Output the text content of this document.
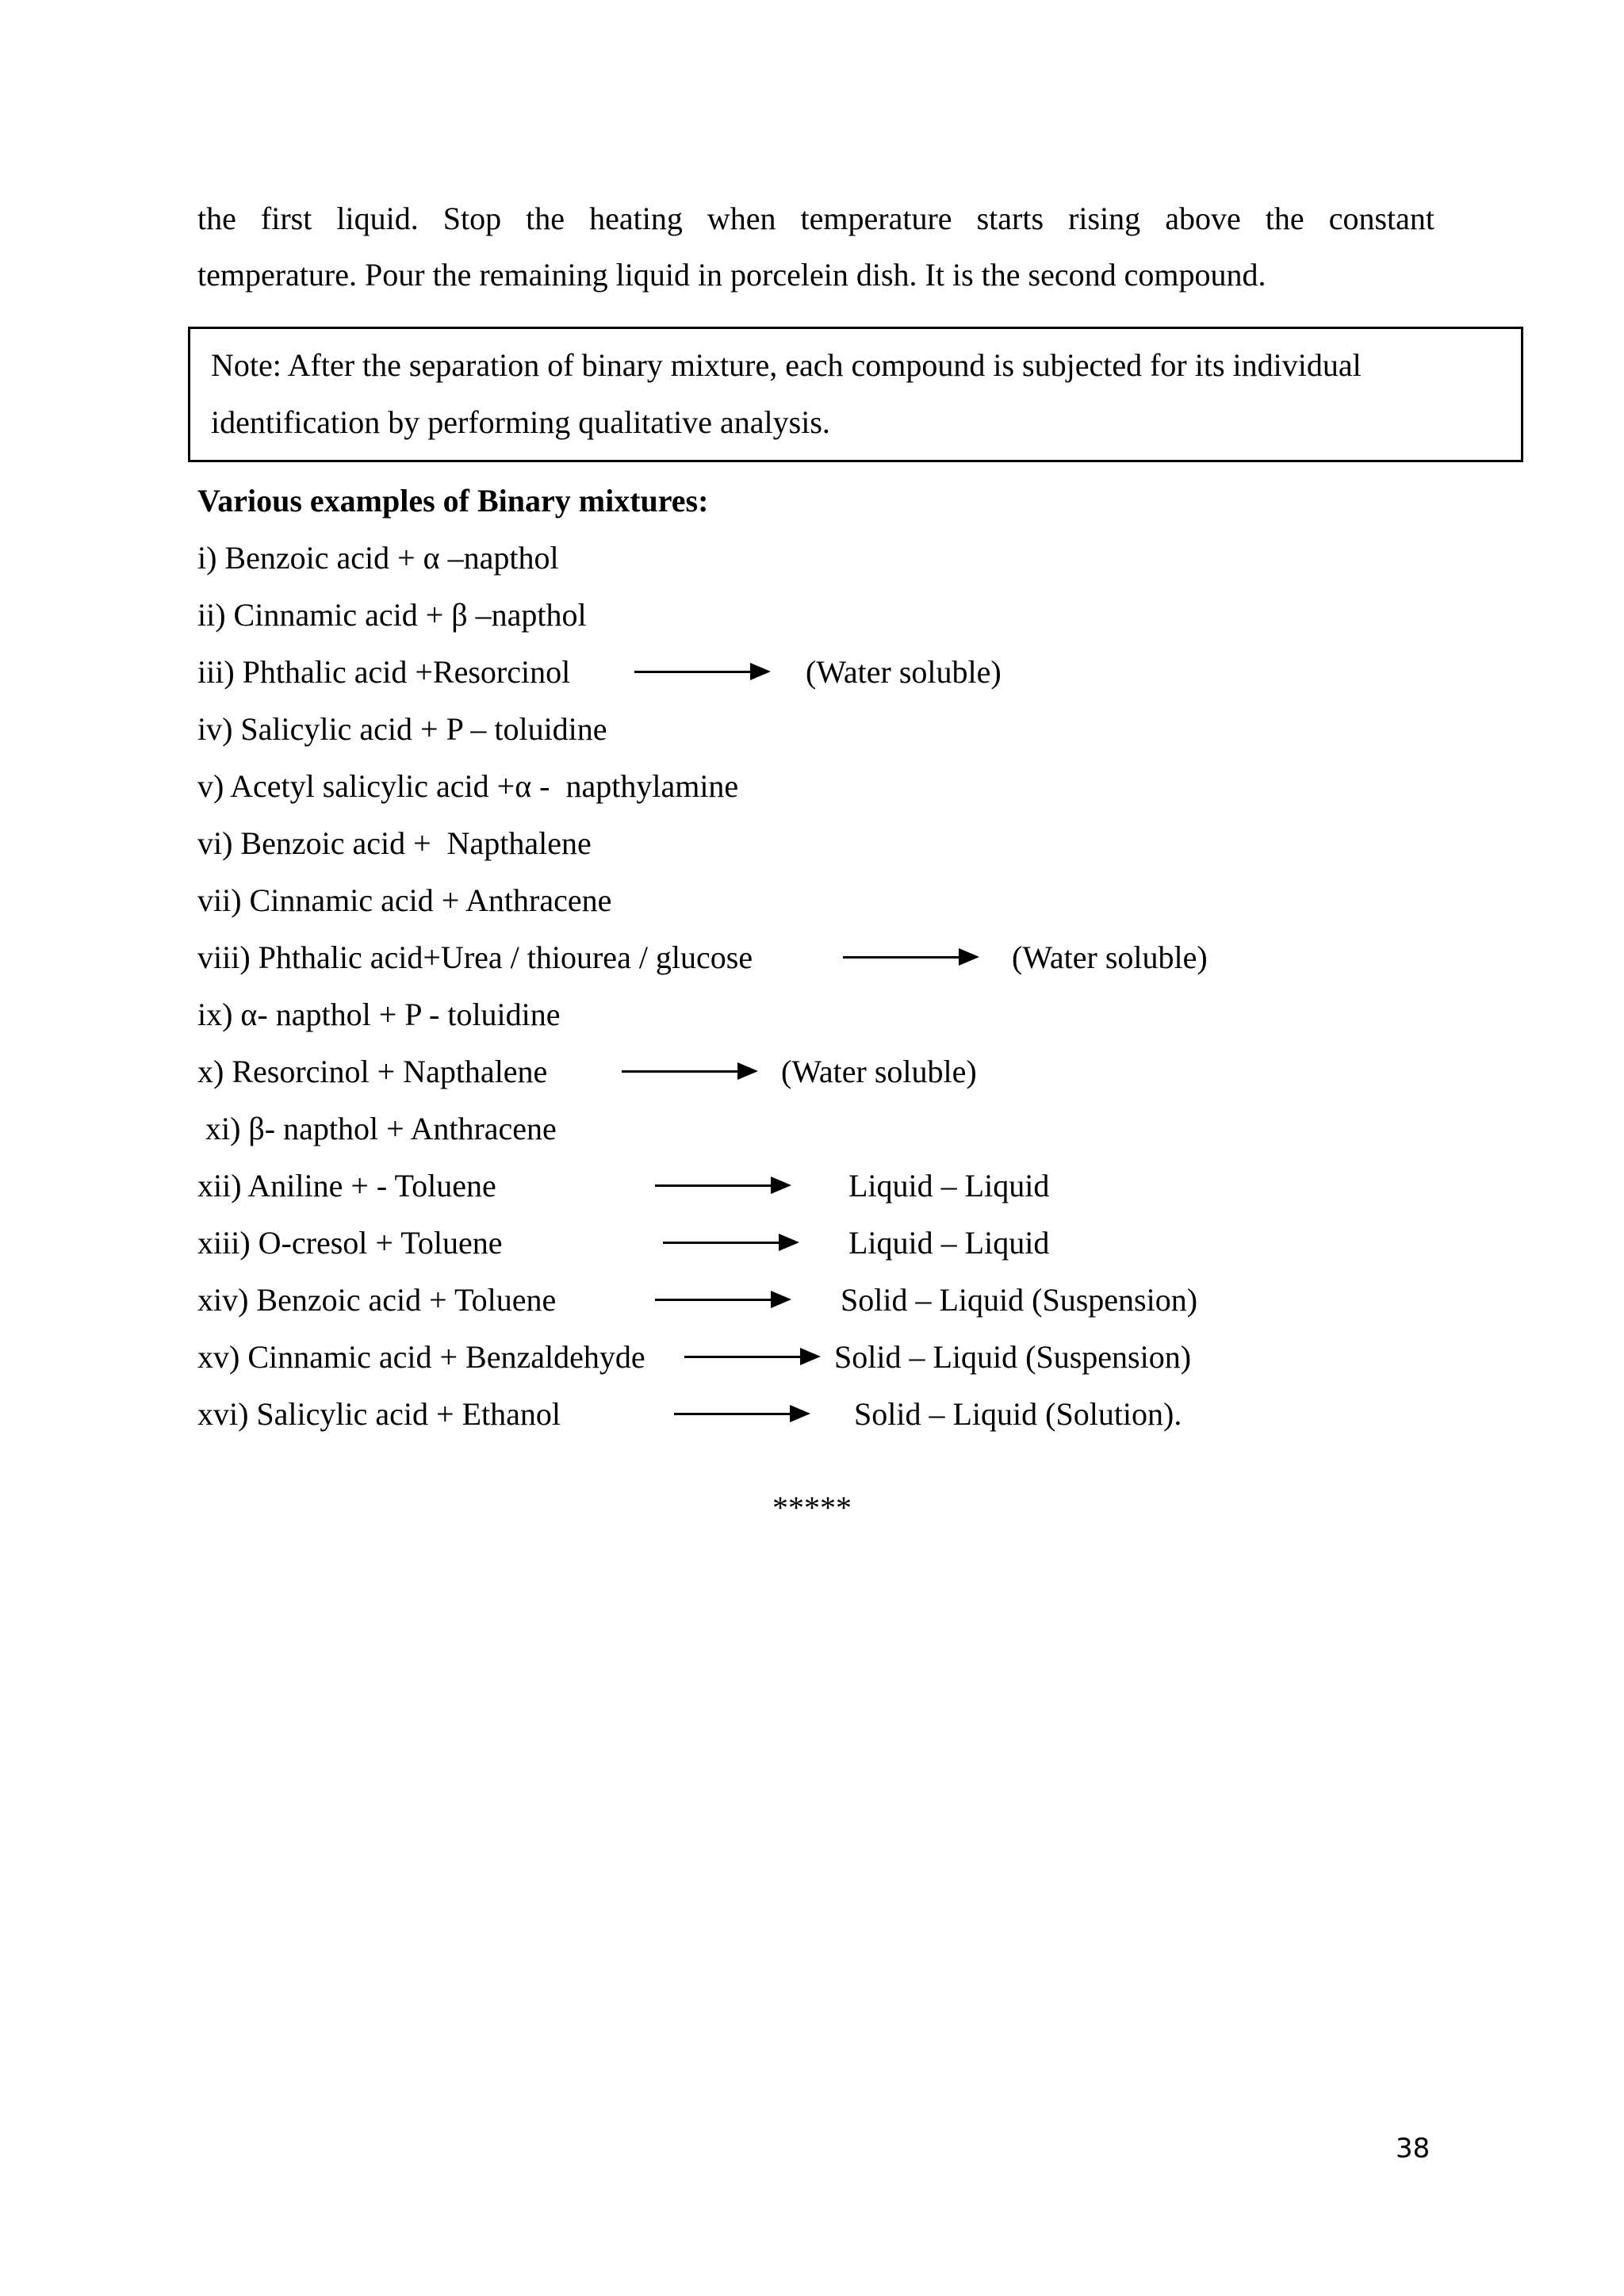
the first liquid. Stop the heating when temperature starts rising above the constant
temperature. Pour the remaining liquid in porcelein dish. It is the second compound.
Note: After the separation of binary mixture, each compound is subjected for its individual
identification by performing qualitative analysis.
Various examples of Binary mixtures:
i) Benzoic acid + α –napthol
ii) Cinnamic acid + β –napthol
iii) Phthalic acid +Resorcinol
iv) Salicylic acid + P – toluidine
v) Acetyl salicylic acid +α -  napthylamine
vi) Benzoic acid +  Napthalene
vii) Cinnamic acid + Anthracene
viii) Phthalic acid+Urea / thiourea / glucose
ix) α- napthol + P - toluidine
x) Resorcinol + Napthalene
xi) β- napthol + Anthracene
xii) Aniline + - Toluene
xiii) O-cresol + Toluene
xiv) Benzoic acid + Toluene
xv) Cinnamic acid + Benzaldehyde
xvi) Salicylic acid + Ethanol
(Water soluble)
(Water soluble)
(Water soluble)
Liquid – Liquid
Liquid – Liquid
Solid – Liquid (Suspension)
Solid – Liquid (Suspension)
Solid – Liquid (Solution).
*****
38
